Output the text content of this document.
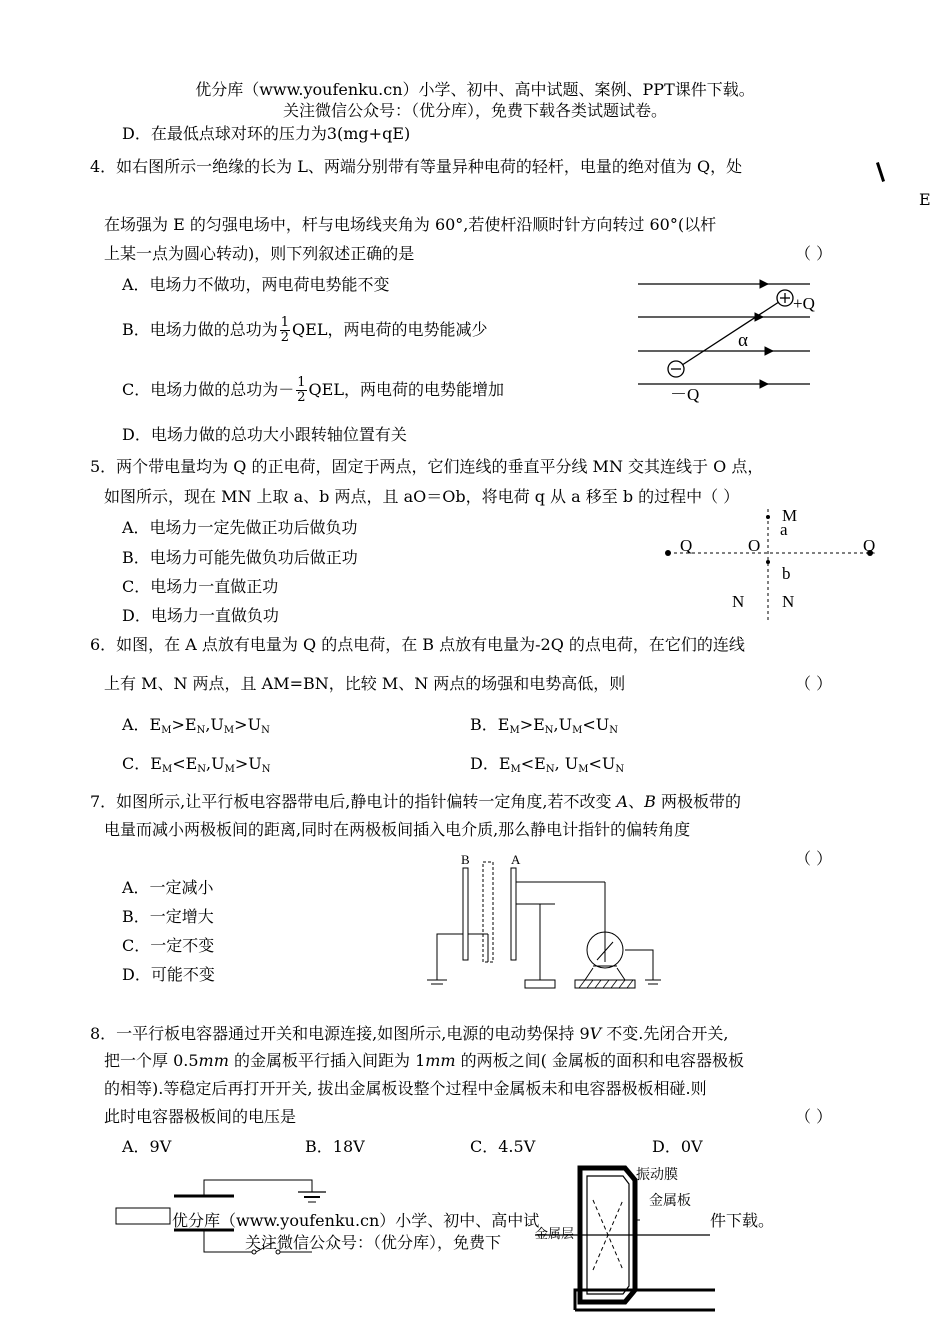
优分库（www.youfenku.cn）小学、初中、高中试题、案例、PPT课件下载。
关注微信公众号：（优分库），免费下载各类试题试卷。
D．在最低点球对环的压力为3(mg+qE)
4．如右图所示一绝缘的长为 L、两端分别带有等量异种电荷的轻杆，电量的绝对值为 Q，处
E
在场强为 E 的匀强电场中，杆与电场线夹角为 60°,若使杆沿顺时针方向转过 60°(以杆
上某一点为圆心转动)，则下列叙述正确的是	（ ）
A．电场力不做功，两电荷电势能不变
B．电场力做的总功为 $\frac{1}{2}$ QEL，两电荷的电势能减少
C．电场力做的总功为－ $\frac{1}{2}$ QEL，两电荷的电势能增加
D．电场力做的总功大小跟转轴位置有关
+Q
α
－Q
5．两个带电量均为 Q 的正电荷，固定于两点，它们连线的垂直平分线 MN 交其连线于 O 点，
如图所示，现在 MN 上取 a、b 两点，且 aO＝Ob，将电荷 q 从 a 移至 b 的过程中（ ）
A．电场力一定先做正功后做负功
B．电场力可能先做负功后做正功
C．电场力一直做正功
D．电场力一直做负功
M
a
Q	O	Q
b
N N
6．如图，在 A 点放有电量为 Q 的点电荷，在 B 点放有电量为-2Q 的点电荷，在它们的连线
上有 M、N 两点，且 AM=BN，比较 M、N 两点的场强和电势高低，则	（ ）
A．$E_M>E_N,U_M>U_N$	B．$E_M>E_N,U_M<U_N$
C．$E_M<E_N,U_M>U_N$	D．$E_M<E_N$, $U_M<U_N$
7．如图所示,让平行板电容器带电后,静电计的指针偏转一定角度,若不改变 A、B 两极板带的
电量而减小两极板间的距离,同时在两极板间插入电介质,那么静电计指针的偏转角度
（ ）
A．一定减小
B．一定增大
C．一定不变
D．可能不变
B	A
8．一平行板电容器通过开关和电源连接,如图所示,电源的电动势保持 9V 不变.先闭合开关,
把一个厚 0.5mm 的金属板平行插入间距为 1mm 的两板之间( 金属板的面积和电容器极板
的相等).等稳定后再打开开关, 拔出金属板设整个过程中金属板未和电容器极板相碰.则
此时电容器极板间的电压是	（ ）
A．9V	B．18V	C．4.5V	D．0V
振动膜
金属板
金属层
优分库（www.youfenku.cn）小学、初中、高中试	件下载。
关注微信公众号：（优分库），免费下
